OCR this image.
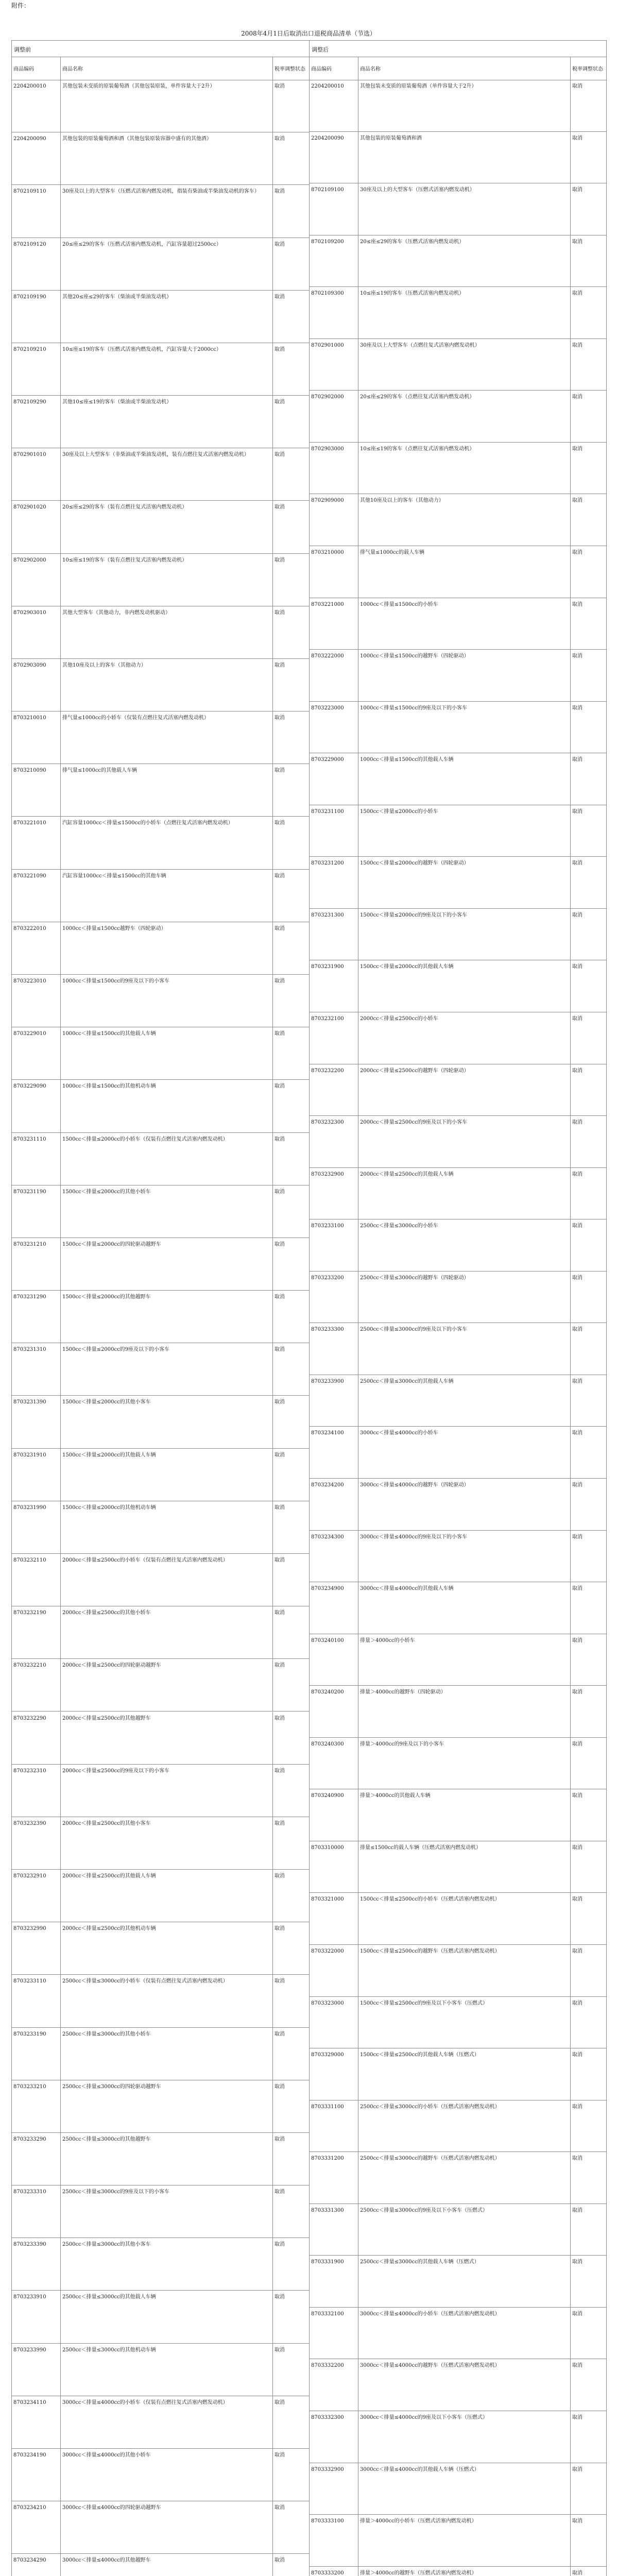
附件：
2008年4月1日后取消出口退税商品清单（节选）
调整前
商品编码	商品名称	税率调整状态
2204200010	其他包装未变质的原装葡萄酒（其他包装原装，单件容量大于2升）	取消
2204200090	其他包装的原装葡萄酒和酒（其他包装原装容器中盛有的其他酒）	取消
8702109110	30座及以上的大型客车（压燃式活塞内燃发动机，指装有柴油或半柴油发动机的客车）	取消
8702109120	20≤座≤29的客车（压燃式活塞内燃发动机，汽缸容量超过2500cc）	取消
8702109190	其他20≤座≤29的客车（柴油或半柴油发动机）	取消
8702109210	10≤座≤19的客车（压燃式活塞内燃发动机，汽缸容量大于2000cc）	取消
8702109290	其他10≤座≤19的客车（柴油或半柴油发动机）	取消
8702901010	30座及以上大型客车（非柴油或半柴油发动机，装有点燃往复式活塞内燃发动机）	取消
8702901020	20≤座≤29的客车（装有点燃往复式活塞内燃发动机）	取消
8702902000	10≤座≤19的客车（装有点燃往复式活塞内燃发动机）	取消
8702903010	其他大型客车（其他动力，非内燃发动机驱动）	取消
8702903090	其他10座及以上的客车（其他动力）	取消
8703210010	排气量≤1000cc的小轿车（仅装有点燃往复式活塞内燃发动机）	取消
8703210090	排气量≤1000cc的其他载人车辆	取消
8703221010	汽缸容量1000cc＜排量≤1500cc的小轿车（点燃往复式活塞内燃发动机）	取消
8703221090	汽缸容量1000cc＜排量≤1500cc的其他车辆	取消
8703222010	1000cc＜排量≤1500cc越野车（四轮驱动）	取消
8703223010	1000cc＜排量≤1500cc的9座及以下的小客车	取消
8703229010	1000cc＜排量≤1500cc的其他载人车辆	取消
8703229090	1000cc＜排量≤1500cc的其他机动车辆	取消
8703231110	1500cc＜排量≤2000cc的小轿车（仅装有点燃往复式活塞内燃发动机）	取消
8703231190	1500cc＜排量≤2000cc的其他小轿车	取消
8703231210	1500cc＜排量≤2000cc的四轮驱动越野车	取消
8703231290	1500cc＜排量≤2000cc的其他越野车	取消
8703231310	1500cc＜排量≤2000cc的9座及以下的小客车	取消
8703231390	1500cc＜排量≤2000cc的其他小客车	取消
8703231910	1500cc＜排量≤2000cc的其他载人车辆	取消
8703231990	1500cc＜排量≤2000cc的其他机动车辆	取消
8703232110	2000cc＜排量≤2500cc的小轿车（仅装有点燃往复式活塞内燃发动机）	取消
8703232190	2000cc＜排量≤2500cc的其他小轿车	取消
8703232210	2000cc＜排量≤2500cc的四轮驱动越野车	取消
8703232290	2000cc＜排量≤2500cc的其他越野车	取消
8703232310	2000cc＜排量≤2500cc的9座及以下的小客车	取消
8703232390	2000cc＜排量≤2500cc的其他小客车	取消
8703232910	2000cc＜排量≤2500cc的其他载人车辆	取消
8703232990	2000cc＜排量≤2500cc的其他机动车辆	取消
8703233110	2500cc＜排量≤3000cc的小轿车（仅装有点燃往复式活塞内燃发动机）	取消
8703233190	2500cc＜排量≤3000cc的其他小轿车	取消
8703233210	2500cc＜排量≤3000cc的四轮驱动越野车	取消
8703233290	2500cc＜排量≤3000cc的其他越野车	取消
8703233310	2500cc＜排量≤3000cc的9座及以下的小客车	取消
8703233390	2500cc＜排量≤3000cc的其他小客车	取消
8703233910	2500cc＜排量≤3000cc的其他载人车辆	取消
8703233990	2500cc＜排量≤3000cc的其他机动车辆	取消
8703234110	3000cc＜排量≤4000cc的小轿车（仅装有点燃往复式活塞内燃发动机）	取消
8703234190	3000cc＜排量≤4000cc的其他小轿车	取消
8703234210	3000cc＜排量≤4000cc的四轮驱动越野车	取消
8703234290	3000cc＜排量≤4000cc的其他越野车	取消
调整后
商品编码	商品名称	税率调整状态
2204200010	其他包装未变质的原装葡萄酒（单件容量大于2升）	取消
2204200090	其他包装的原装葡萄酒和酒	取消
8702109100	30座及以上的大型客车（压燃式活塞内燃发动机）	取消
8702109200	20≤座≤29的客车（压燃式活塞内燃发动机）	取消
8702109300	10≤座≤19的客车（压燃式活塞内燃发动机）	取消
8702901000	30座及以上大型客车（点燃往复式活塞内燃发动机）	取消
8702902000	20≤座≤29的客车（点燃往复式活塞内燃发动机）	取消
8702903000	10≤座≤19的客车（点燃往复式活塞内燃发动机）	取消
8702909000	其他10座及以上的客车（其他动力）	取消
8703210000	排气量≤1000cc的载人车辆	取消
8703221000	1000cc＜排量≤1500cc的小轿车	取消
8703222000	1000cc＜排量≤1500cc的越野车（四轮驱动）	取消
8703223000	1000cc＜排量≤1500cc的9座及以下的小客车	取消
8703229000	1000cc＜排量≤1500cc的其他载人车辆	取消
8703231100	1500cc＜排量≤2000cc的小轿车	取消
8703231200	1500cc＜排量≤2000cc的越野车（四轮驱动）	取消
8703231300	1500cc＜排量≤2000cc的9座及以下的小客车	取消
8703231900	1500cc＜排量≤2000cc的其他载人车辆	取消
8703232100	2000cc＜排量≤2500cc的小轿车	取消
8703232200	2000cc＜排量≤2500cc的越野车（四轮驱动）	取消
8703232300	2000cc＜排量≤2500cc的9座及以下的小客车	取消
8703232900	2000cc＜排量≤2500cc的其他载人车辆	取消
8703233100	2500cc＜排量≤3000cc的小轿车	取消
8703233200	2500cc＜排量≤3000cc的越野车（四轮驱动）	取消
8703233300	2500cc＜排量≤3000cc的9座及以下的小客车	取消
8703233900	2500cc＜排量≤3000cc的其他载人车辆	取消
8703234100	3000cc＜排量≤4000cc的小轿车	取消
8703234200	3000cc＜排量≤4000cc的越野车（四轮驱动）	取消
8703234300	3000cc＜排量≤4000cc的9座及以下的小客车	取消
8703234900	3000cc＜排量≤4000cc的其他载人车辆	取消
8703240100	排量＞4000cc的小轿车	取消
8703240200	排量＞4000cc的越野车（四轮驱动）	取消
8703240300	排量＞4000cc的9座及以下的小客车	取消
8703240900	排量＞4000cc的其他载人车辆	取消
8703310000	排量≤1500cc的载人车辆（压燃式活塞内燃发动机）	取消
8703321000	1500cc＜排量≤2500cc的小轿车（压燃式活塞内燃发动机）	取消
8703322000	1500cc＜排量≤2500cc的越野车（压燃式活塞内燃发动机）	取消
8703323000	1500cc＜排量≤2500cc的9座及以下小客车（压燃式）	取消
8703329000	1500cc＜排量≤2500cc的其他载人车辆（压燃式）	取消
8703331100	2500cc＜排量≤3000cc的小轿车（压燃式活塞内燃发动机）	取消
8703331200	2500cc＜排量≤3000cc的越野车（压燃式活塞内燃发动机）	取消
8703331300	2500cc＜排量≤3000cc的9座及以下小客车（压燃式）	取消
8703331900	2500cc＜排量≤3000cc的其他载人车辆（压燃式）	取消
8703332100	3000cc＜排量≤4000cc的小轿车（压燃式活塞内燃发动机）	取消
8703332200	3000cc＜排量≤4000cc的越野车（压燃式活塞内燃发动机）	取消
8703332300	3000cc＜排量≤4000cc的9座及以下小客车（压燃式）	取消
8703332900	3000cc＜排量≤4000cc的其他载人车辆（压燃式）	取消
8703333100	排量＞4000cc的小轿车（压燃式活塞内燃发动机）	取消
8703333200	排量＞4000cc的越野车（压燃式活塞内燃发动机）	取消
